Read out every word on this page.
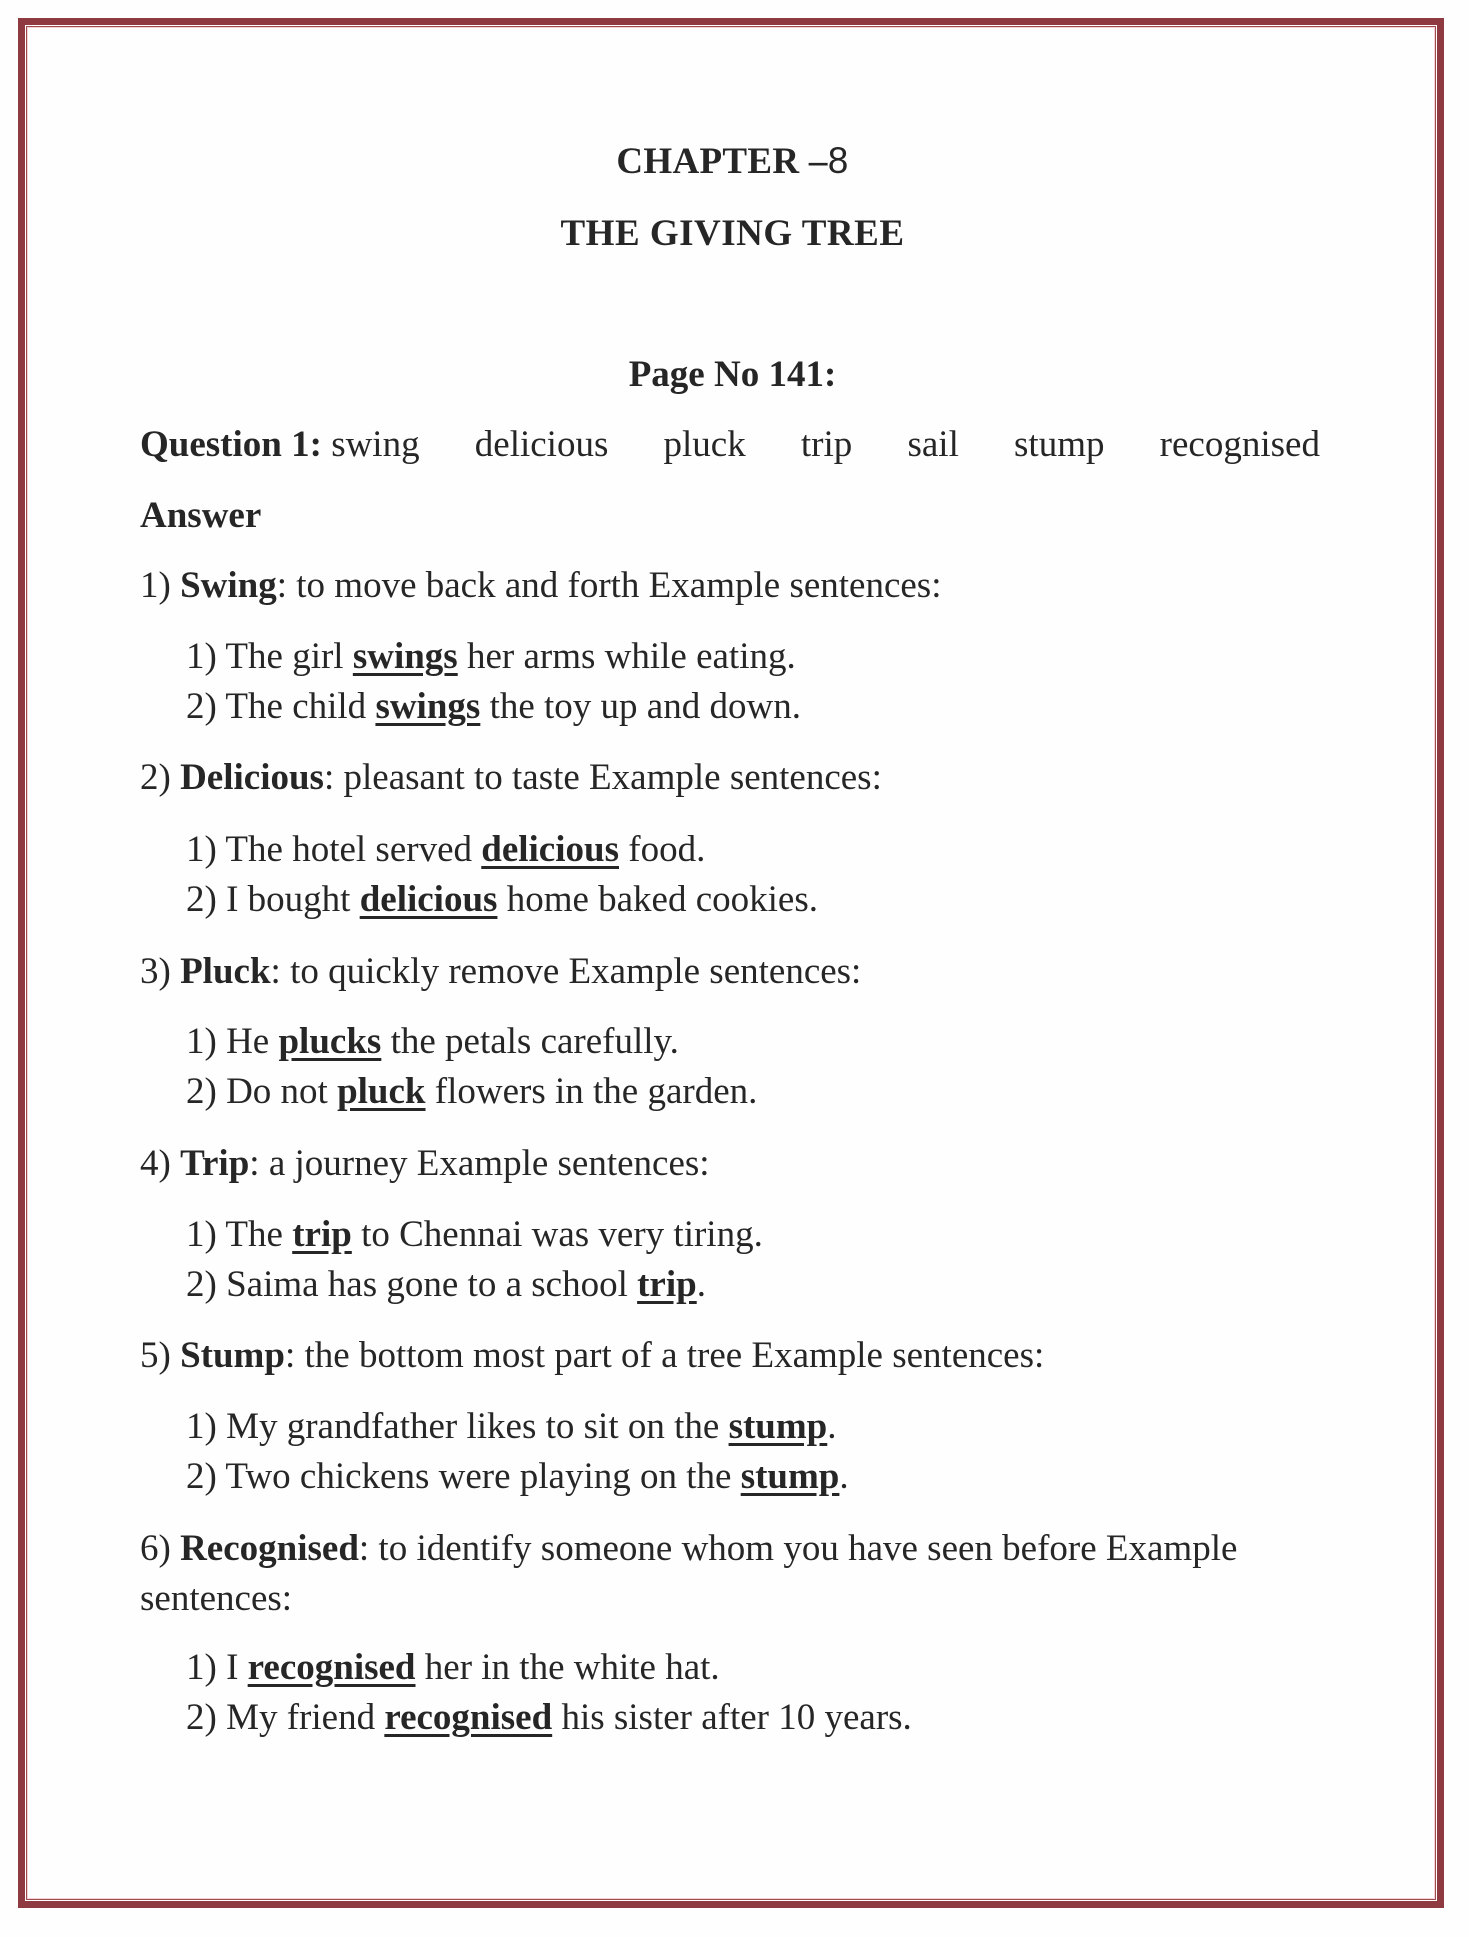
CHAPTER –8
THE GIVING TREE
Page No 141:
Question 1: swing delicious pluck trip sail stump recognised
Answer
1) Swing: to move back and forth Example sentences:
1) The girl swings her arms while eating.
2) The child swings the toy up and down.
2) Delicious: pleasant to taste Example sentences:
1) The hotel served delicious food.
2) I bought delicious home baked cookies.
3) Pluck: to quickly remove Example sentences:
1) He plucks the petals carefully.
2) Do not pluck flowers in the garden.
4) Trip: a journey Example sentences:
1) The trip to Chennai was very tiring.
2) Saima has gone to a school trip.
5) Stump: the bottom most part of a tree Example sentences:
1) My grandfather likes to sit on the stump.
2) Two chickens were playing on the stump.
6) Recognised: to identify someone whom you have seen before Example sentences:
1) I recognised her in the white hat.
2) My friend recognised his sister after 10 years.
